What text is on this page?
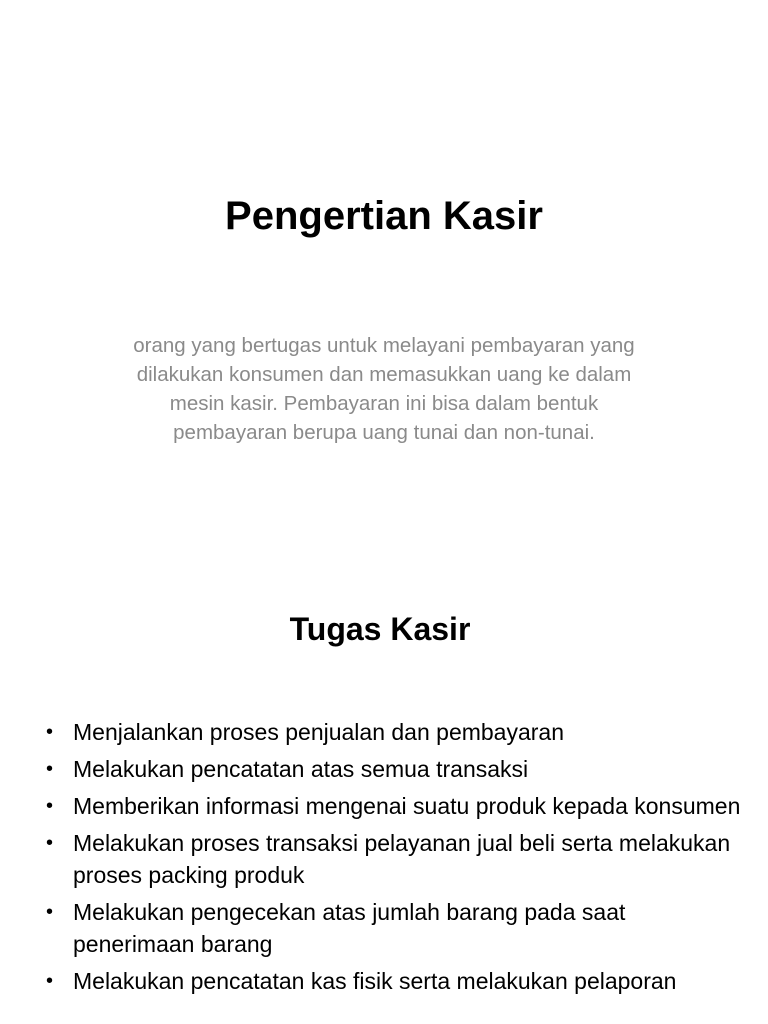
Pengertian Kasir

orang yang bertugas untuk melayani pembayaran yang dilakukan konsumen dan memasukkan uang ke dalam mesin kasir. Pembayaran ini bisa dalam bentuk pembayaran berupa uang tunai dan non-tunai.

Tugas Kasir
• Menjalankan proses penjualan dan pembayaran
• Melakukan pencatatan atas semua transaksi
• Memberikan informasi mengenai suatu produk kepada konsumen
• Melakukan proses transaksi pelayanan jual beli serta melakukan proses packing produk
• Melakukan pengecekan atas jumlah barang pada saat penerimaan barang
• Melakukan pencatatan kas fisik serta melakukan pelaporan
